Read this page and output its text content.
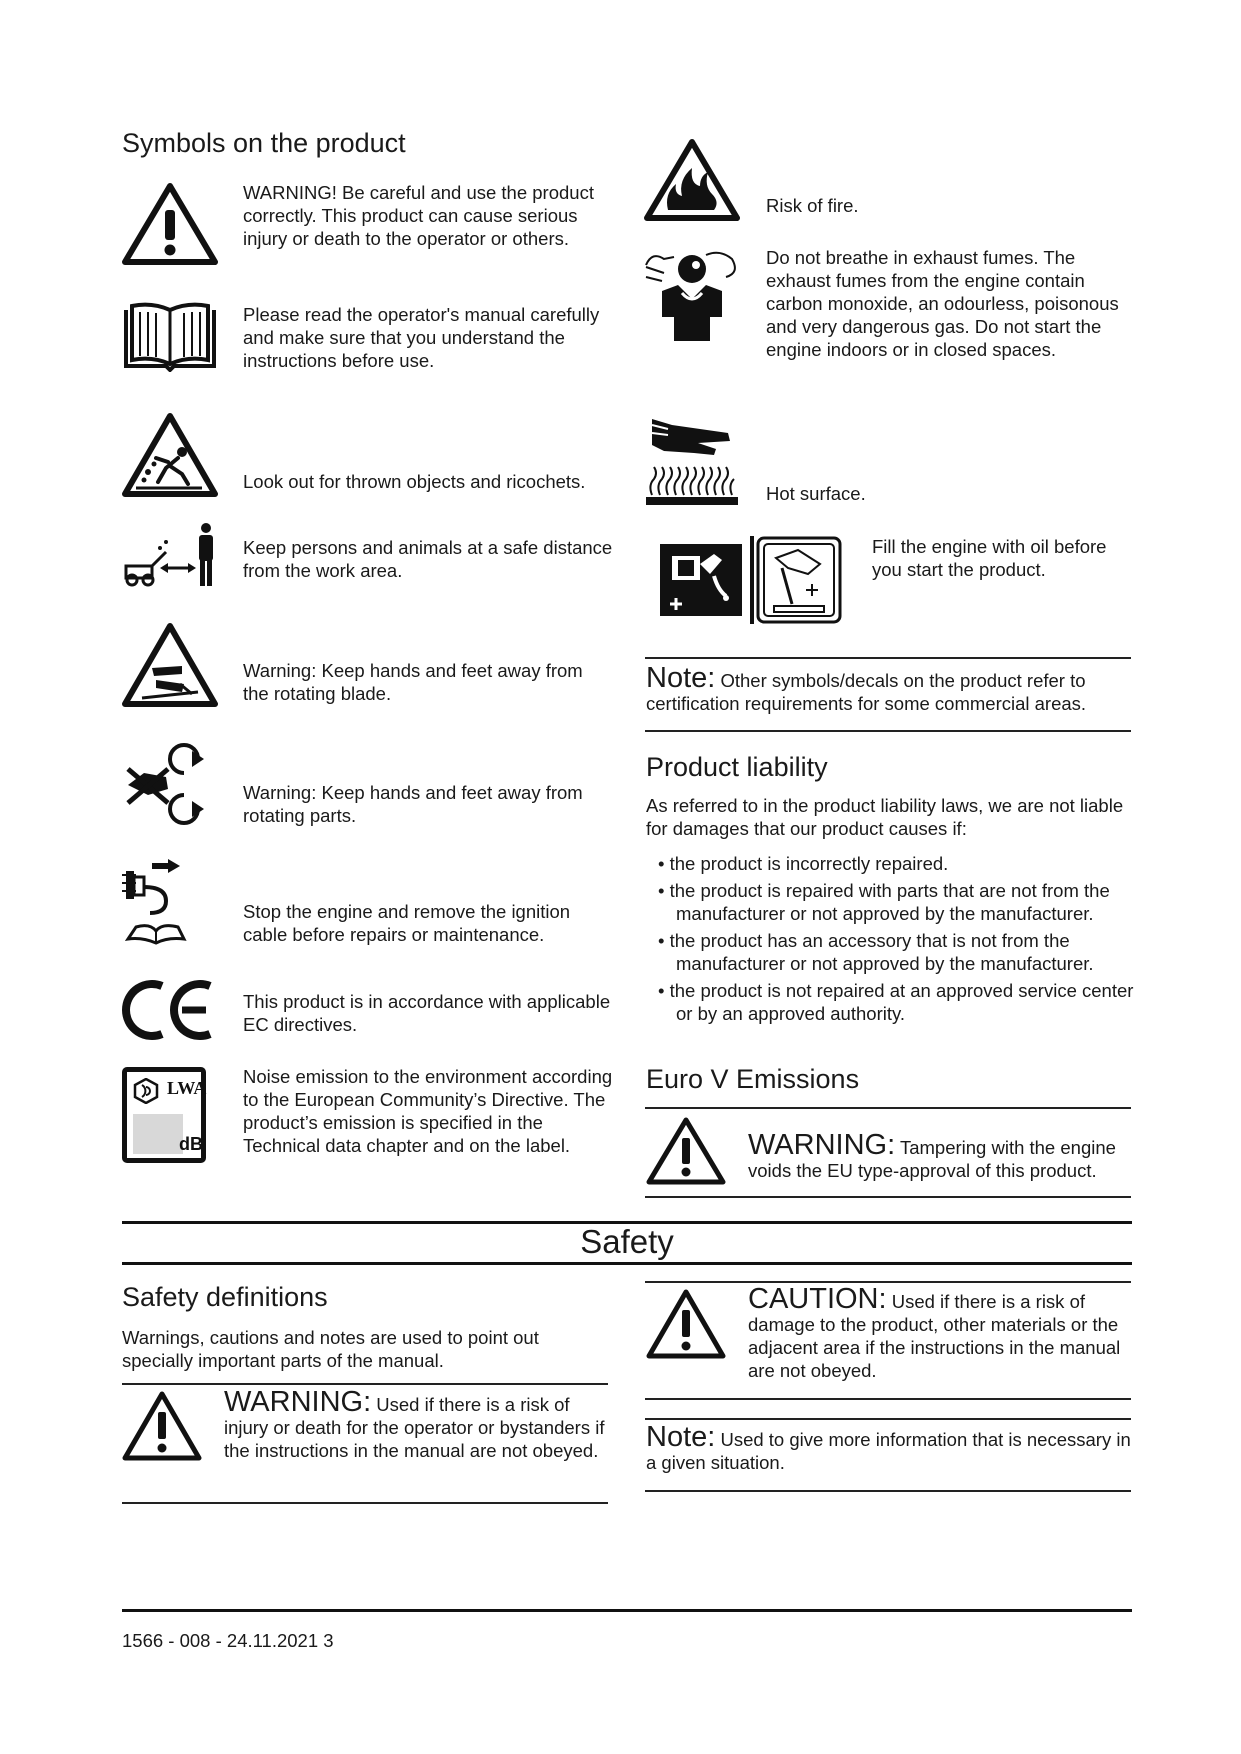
Symbols on the product
WARNING! Be careful and use the product correctly. This product can cause serious injury or death to the operator or others.
Please read the operator's manual carefully and make sure that you understand the instructions before use.
Look out for thrown objects and ricochets.
Keep persons and animals at a safe distance from the work area.
Warning: Keep hands and feet away from the rotating blade.
Warning: Keep hands and feet away from rotating parts.
Stop the engine and remove the ignition cable before repairs or maintenance.
This product is in accordance with applicable EC directives.
LWA
dB
Noise emission to the environment according to the European Community’s Directive. The product’s emission is specified in the Technical data chapter and on the label.
Risk of fire.
Do not breathe in exhaust fumes. The exhaust fumes from the engine contain carbon monoxide, an odourless, poisonous and very dangerous gas. Do not start the engine indoors or in closed spaces.
Hot surface.
Fill the engine with oil before you start the product.
Note: Other symbols/decals on the product refer to certification requirements for some commercial areas.
Product liability
As referred to in the product liability laws, we are not liable for damages that our product causes if:
• the product is incorrectly repaired.
• the product is repaired with parts that are not from the manufacturer or not approved by the manufacturer.
• the product has an accessory that is not from the manufacturer or not approved by the manufacturer.
• the product is not repaired at an approved service center or by an approved authority.
Euro V Emissions
WARNING: Tampering with the engine voids the EU type-approval of this product.
Safety
Safety definitions
Warnings, cautions and notes are used to point out specially important parts of the manual.
WARNING: Used if there is a risk of injury or death for the operator or bystanders if the instructions in the manual are not obeyed.
CAUTION: Used if there is a risk of damage to the product, other materials or the adjacent area if the instructions in the manual are not obeyed.
Note: Used to give more information that is necessary in a given situation.
1566 - 008 - 24.11.2021 3
